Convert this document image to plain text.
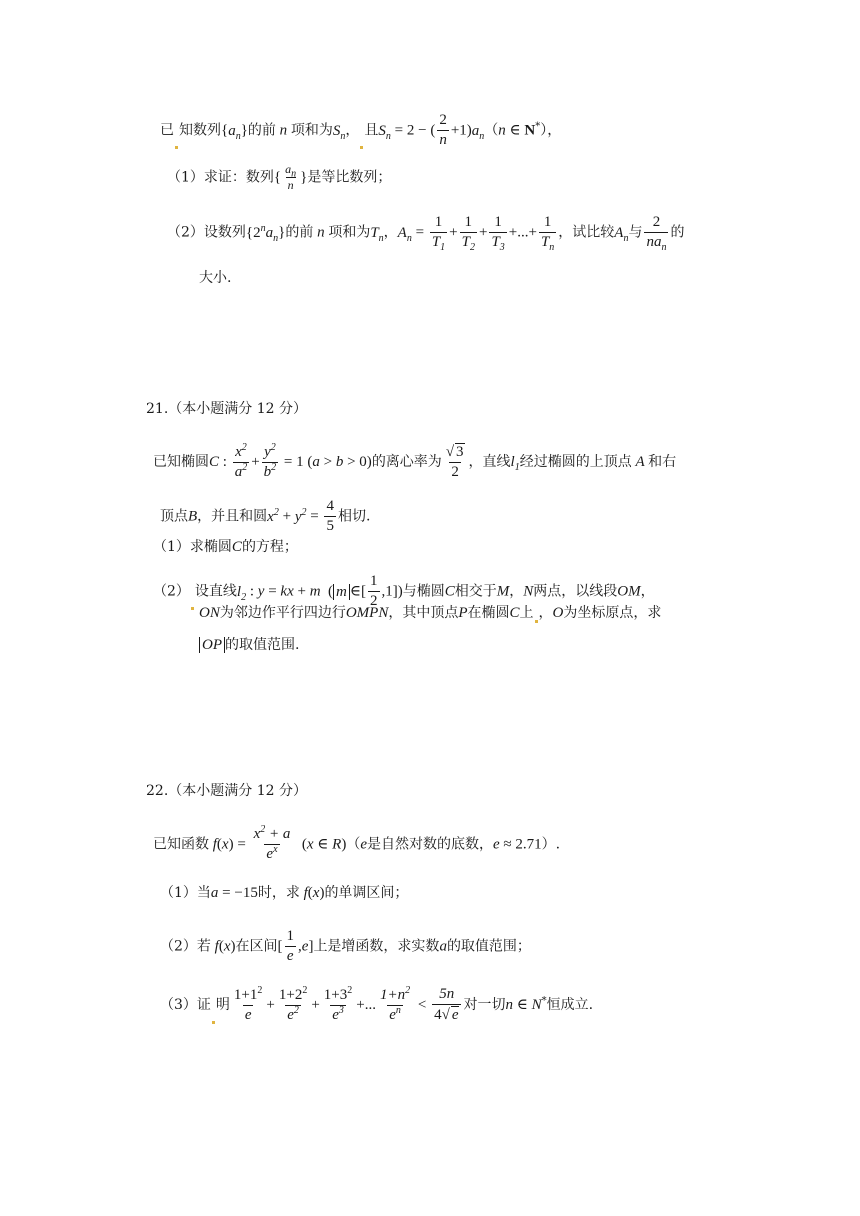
已 知数列$\{a_n\}$的前 n 项和为$S_n$， 且$S_n = 2$ − ( $\frac{2}{n} +1)a_n(n$ ∈ N*），
（1）求证：数列{ $\frac{a_n}{n}$ }是等比数列；
（2）设数列$\{2^na_n\}$的前 n 项和为$T_n$，$A_n = \frac{1}{T_1} + \frac{1}{T_2} + \frac{1}{T_3}$ +...+ $\frac{1}{T_n}$ ，试比较$A_n$与 $\frac{2}{na_n}$ 的
大小.
21.（本小题满分 12 分）
已知椭圆C : $\frac{x^2}{a^2} + \frac{y^2}{b^2} = 1$ (a > b > 0)的离心率为 $\frac{√ 3}{2}$ ，直线$l_1$经过椭圆的上顶点 A 和右
顶点B，并且和圆$x^2 + y^2 = \frac{4}{5}$ 相切.
（1）求椭圆C的方程；
（2） 设直线$l_2$ : y = kx + m  ( m ∈[ $\frac{1}{2} ,1$])与椭圆C相交于M，N两点，以线段OM，
ON为邻边作平行四边行OMPN，其中顶点P在椭圆C上 ，O为坐标原点，求
OP 的取值范围.
22.（本小题满分 12 分）
已知函数 $f(x) = \frac{x^2 + a}{e^x} (x$ ∈ R)（e是自然对数的底数，e ≈ 2.71）.
（1）当a = −15时，求 f(x)的单调区间；
（2）若 f(x)在区间[ $\frac{1}{e} ,e$]上是增函数，求实数a的取值范围；
（3）证 明 $\frac{1+1^2}{e} + \frac{1+2^2}{e^2} + \frac{1+3^2}{e^3}$ +... $\frac{1+n^2}{e^n} < \frac{5n}{4√ e}$ 对一切n ∈ N*恒成立.
